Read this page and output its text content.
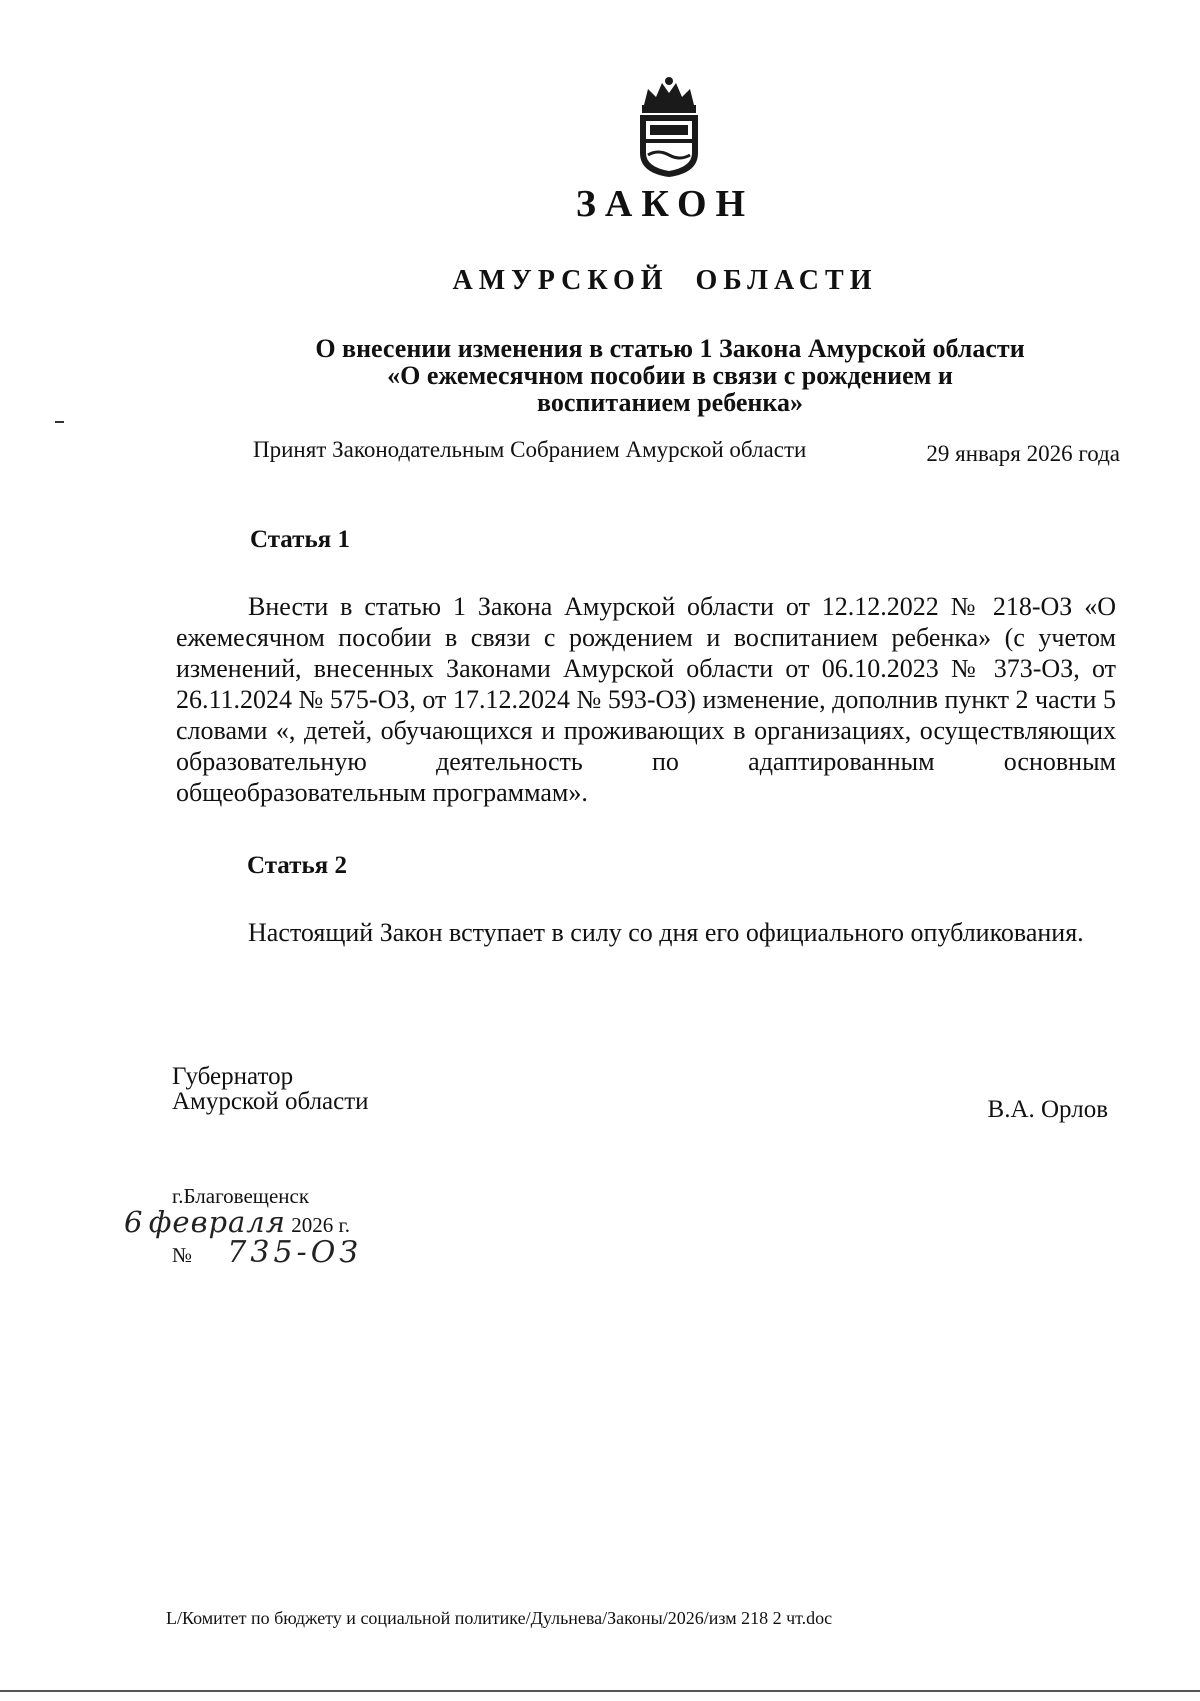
ЗАКОН
АМУРСКОЙ ОБЛАСТИ
О внесении изменения в статью 1 Закона Амурской области
«О ежемесячном пособии в связи с рождением и
воспитанием ребенка»
Принят Законодательным Собранием Амурской области	29 января 2026 года
Статья 1

Внести в статью 1 Закона Амурской области от 12.12.2022 № 218-ОЗ «О ежемесячном пособии в связи с рождением и воспитанием ребенка» (с учетом изменений, внесенных Законами Амурской области от 06.10.2023 № 373-ОЗ, от 26.11.2024 № 575-ОЗ, от 17.12.2024 № 593-ОЗ) изменение, дополнив пункт 2 части 5 словами «, детей, обучающихся и проживающих в организациях, осуществляющих образовательную деятельность по адаптированным основным общеобразовательным программам».

Статья 2

Настоящий Закон вступает в силу со дня его официального опубликования.

Губернатор
Амурской области	В.А. Орлов
г.Благовещенск
6 февраля 2026 г.
№ 735-ОЗ
L/Комитет по бюджету и социальной политике/Дульнева/Законы/2026/изм 218 2 чт.doc
